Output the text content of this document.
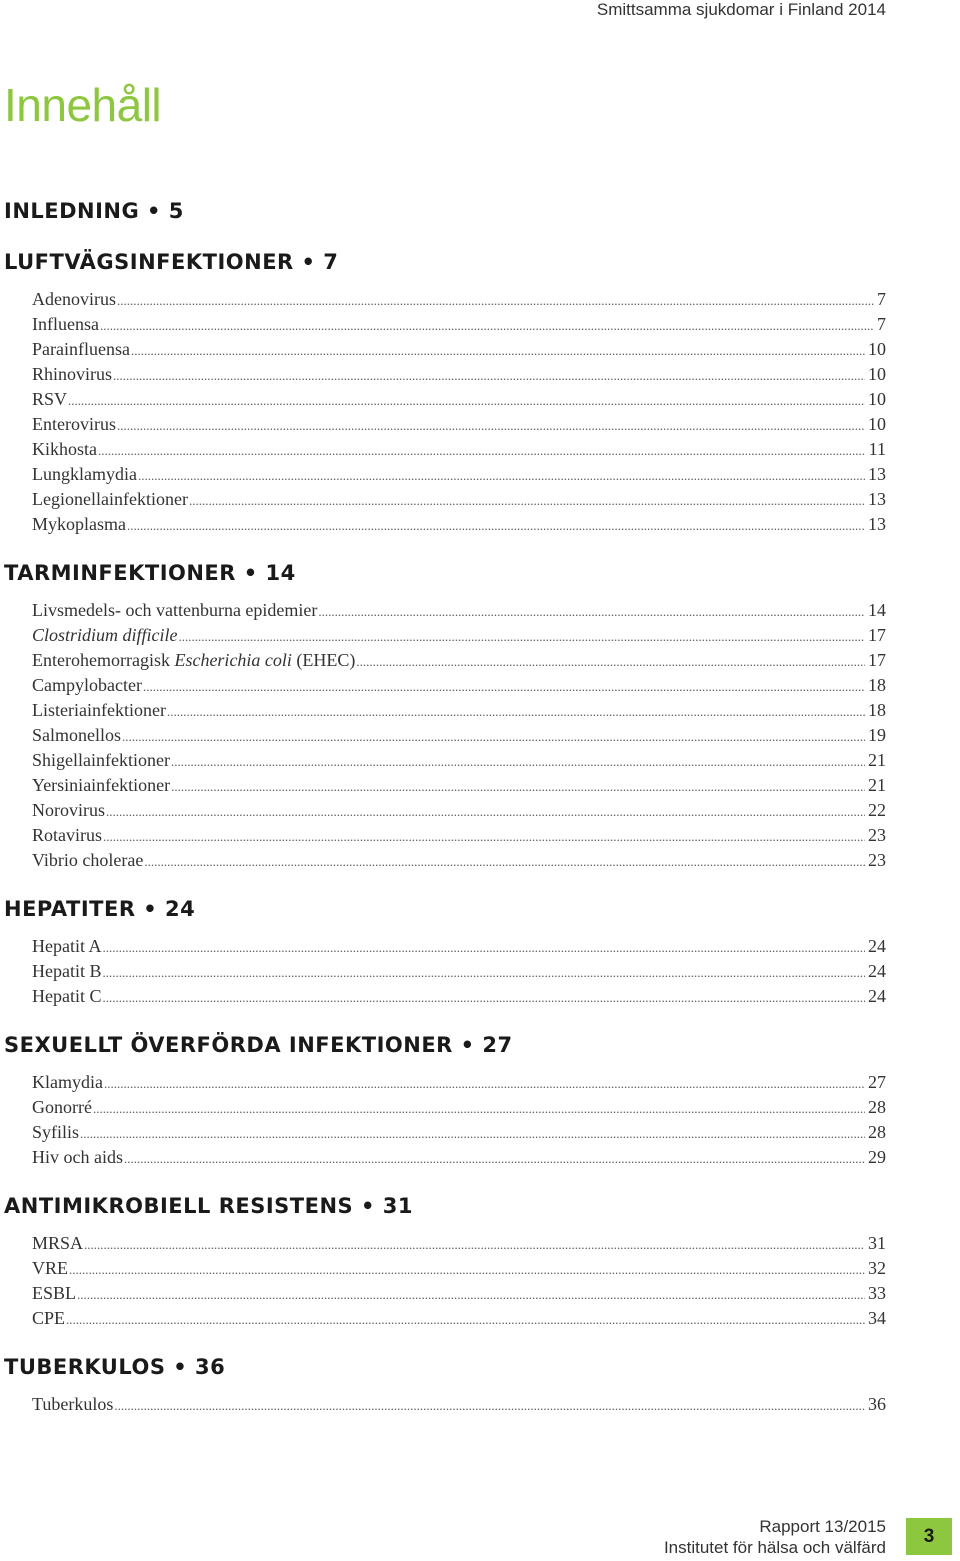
Smittsamma sjukdomar i Finland 2014
Innehåll
INLEDNING • 5
LUFTVÄGSINFEKTIONER • 7
Adenovirus .....	7
Influensa .....	7
Parainfluensa .....	10
Rhinovirus .....	10
RSV .....	10
Enterovirus .....	10
Kikhosta .....	11
Lungklamydia .....	13
Legionellainfektioner .....	13
Mykoplasma .....	13
TARMINFEKTIONER • 14
Livsmedels- och vattenburna epidemier .....	14
Clostridium difficile .....	17
Enterohemorragisk Escherichia coli (EHEC) .....	17
Campylobacter .....	18
Listeriainfektioner .....	18
Salmonellos .....	19
Shigellainfektioner .....	21
Yersiniainfektioner .....	21
Norovirus .....	22
Rotavirus .....	23
Vibrio cholerae .....	23
HEPATITER • 24
Hepatit A .....	24
Hepatit B .....	24
Hepatit C .....	24
SEXUELLT ÖVERFÖRDA INFEKTIONER • 27
Klamydia .....	27
Gonorré .....	28
Syfilis .....	28
Hiv och aids .....	29
ANTIMIKROBIELL RESISTENS • 31
MRSA .....	31
VRE .....	32
ESBL .....	33
CPE .....	34
TUBERKULOS • 36
Tuberkulos .....	36
Rapport 13/2015
Institutet för hälsa och välfärd
3
